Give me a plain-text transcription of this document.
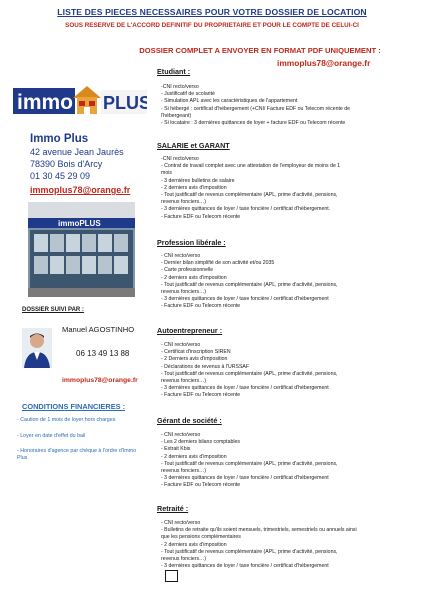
LISTE DES PIECES NECESSAIRES POUR VOTRE DOSSIER DE LOCATION
SOUS RESERVE DE L'ACCORD DEFINITIF DU PROPRIETAIRE ET POUR LE COMPTE DE CELUI-CI
DOSSIER COMPLET A ENVOYER EN FORMAT PDF UNIQUEMENT :
immoplus78@orange.fr
immo PLUS
Immo Plus
42 avenue Jean Jaurès
78390 Bois d'Arcy
01 30 45 29 09
immoplus78@orange.fr
immoPLUS
DOSSIER SUIVI PAR :
Manuel AGOSTINHO
06 13 49 13 88
immoplus78@orange.fr
CONDITIONS FINANCIERES :
- Caution de 1 mois de loyer hors charges
- Loyer en date d'effet du bail
- Honoraires d'agence par chèque à l'ordre d'Immo Plus
Etudiant :
-CNI recto/verso
- Justificatif de scolarité
- Simulation APL avec les caractéristiques de l'appartement
- Si hébergé : certificat d'hébergement (+CNI/ Facture EDF ou Telecom récente de
l'hébergeant)
- Si locataire : 3 dernières quittances de loyer + facture EDF ou Telecom récente
SALARIE et GARANT
-CNI recto/verso
- Contrat de travail complet avec une attestation de l'employeur de moins de 1
mois
- 3 dernières bulletins de salaire
- 2 derniers avis d'imposition
- Tout justificatif de revenus complémentaire (APL, prime d'activité, pensions,
revenus fonciers…)
- 3 dernières quittances de loyer / taxe foncière / certificat d'hébergement.
- Facture EDF ou Telecom récente
Profession libérale :
- CNI recto/verso
- Dernier bilan simplifié de son activité et/ou 2035
- Carte professionnelle
- 2 derniers avis d'imposition
- Tout justificatif de revenus complémentaire (APL, prime d'activité, pensions,
revenus fonciers…)
- 3 dernières quittances de loyer / taxe foncière / certificat d'hébergement
- Facture EDF ou Telecom récente
Autoentrepreneur :
- CNI recto/verso
- Certificat d'inscription SIREN
- 2 Derniers avis d'imposition
- Déclarations de revenus à l'URSSAF
- Tout justificatif de revenus complémentaire (APL, prime d'activité, pensions,
revenus fonciers…)
- 3 dernières quittances de loyer / taxe foncière / certificat d'hébergement
- Facture EDF ou Telecom récente
Gérant de société :
- CNI recto/verso
- Les 2 derniers bilans comptables
- Extrait Kbis
- 2 derniers avis d'imposition
- Tout justificatif de revenus complémentaire (APL, prime d'activité, pensions,
revenus fonciers…)
- 3 dernières quittances de loyer / taxe foncière / certificat d'hébergement
- Facture EDF ou Telecom récente
Retraité :
- CNI recto/verso
- Bulletins de retraite qu'ils soient mensuels, trimestriels, semestriels ou annuels ainsi
que les pensions complémentaires
- 2 derniers avis d'imposition
- Tout justificatif de revenus complémentaire (APL, prime d'activité, pensions,
revenus fonciers…)
- 3 dernières quittances de loyer / taxe foncière / certificat d'hébergement
